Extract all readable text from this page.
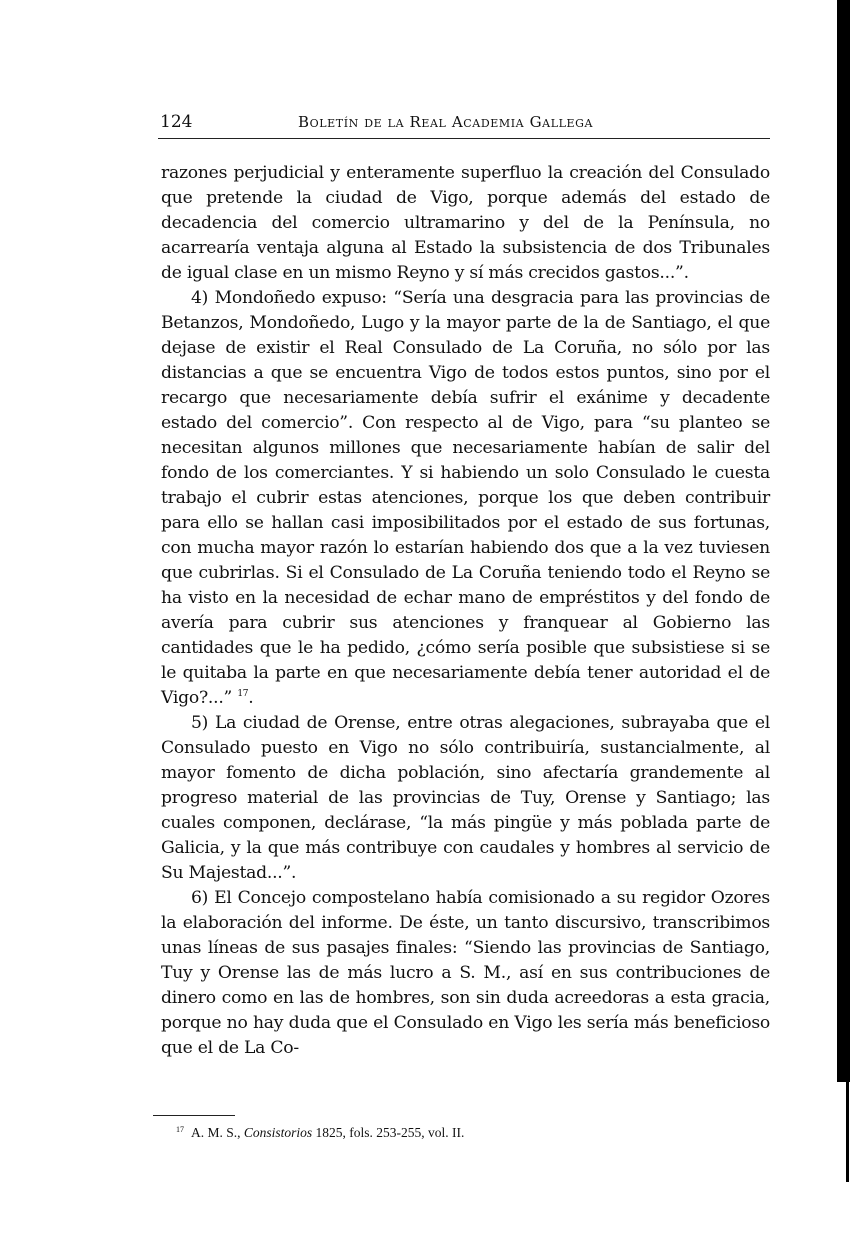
124	Boletín de la Real Academia Gallega

razones perjudicial y enteramente superfluo la creación del Consulado que pretende la ciudad de Vigo, porque además del estado de decadencia del comercio ultramarino y del de la Península, no acarrearía ventaja alguna al Estado la subsistencia de dos Tribunales de igual clase en un mismo Reyno y sí más crecidos gastos...”.

4) Mondoñedo expuso: “Sería una desgracia para las provincias de Betanzos, Mondoñedo, Lugo y la mayor parte de la de Santiago, el que dejase de existir el Real Consulado de La Coruña, no sólo por las distancias a que se encuentra Vigo de todos estos puntos, sino por el recargo que necesariamente debía sufrir el exánime y decadente estado del comercio”. Con respecto al de Vigo, para “su planteo se necesitan algunos millones que necesariamente habían de salir del fondo de los comerciantes. Y si habiendo un solo Consulado le cuesta trabajo el cubrir estas atenciones, porque los que deben contribuir para ello se hallan casi imposibilitados por el estado de sus fortunas, con mucha mayor razón lo estarían habiendo dos que a la vez tuviesen que cubrirlas. Si el Consulado de La Coruña teniendo todo el Reyno se ha visto en la necesidad de echar mano de empréstitos y del fondo de avería para cubrir sus atenciones y franquear al Gobierno las cantidades que le ha pedido, ¿cómo sería posible que subsistiese si se le quitaba la parte en que necesariamente debía tener autoridad el de Vigo?...” $^{17}$.

5) La ciudad de Orense, entre otras alegaciones, subrayaba que el Consulado puesto en Vigo no sólo contribuiría, sustancialmente, al mayor fomento de dicha población, sino afectaría grandemente al progreso material de las provincias de Tuy, Orense y Santiago; las cuales componen, declárase, “la más pingüe y más poblada parte de Galicia, y la que más contribuye con caudales y hombres al servicio de Su Majestad...”.

6) El Concejo compostelano había comisionado a su regidor Ozores la elaboración del informe. De éste, un tanto discursivo, transcribimos unas líneas de sus pasajes finales: “Siendo las provincias de Santiago, Tuy y Orense las de más lucro a S. M., así en sus contribuciones de dinero como en las de hombres, son sin duda acreedoras a esta gracia, porque no hay duda que el Consulado en Vigo les sería más beneficioso que el de La Co-

$^{17}$ A. M. S., Consistorios 1825, fols. 253-255, vol. II.
